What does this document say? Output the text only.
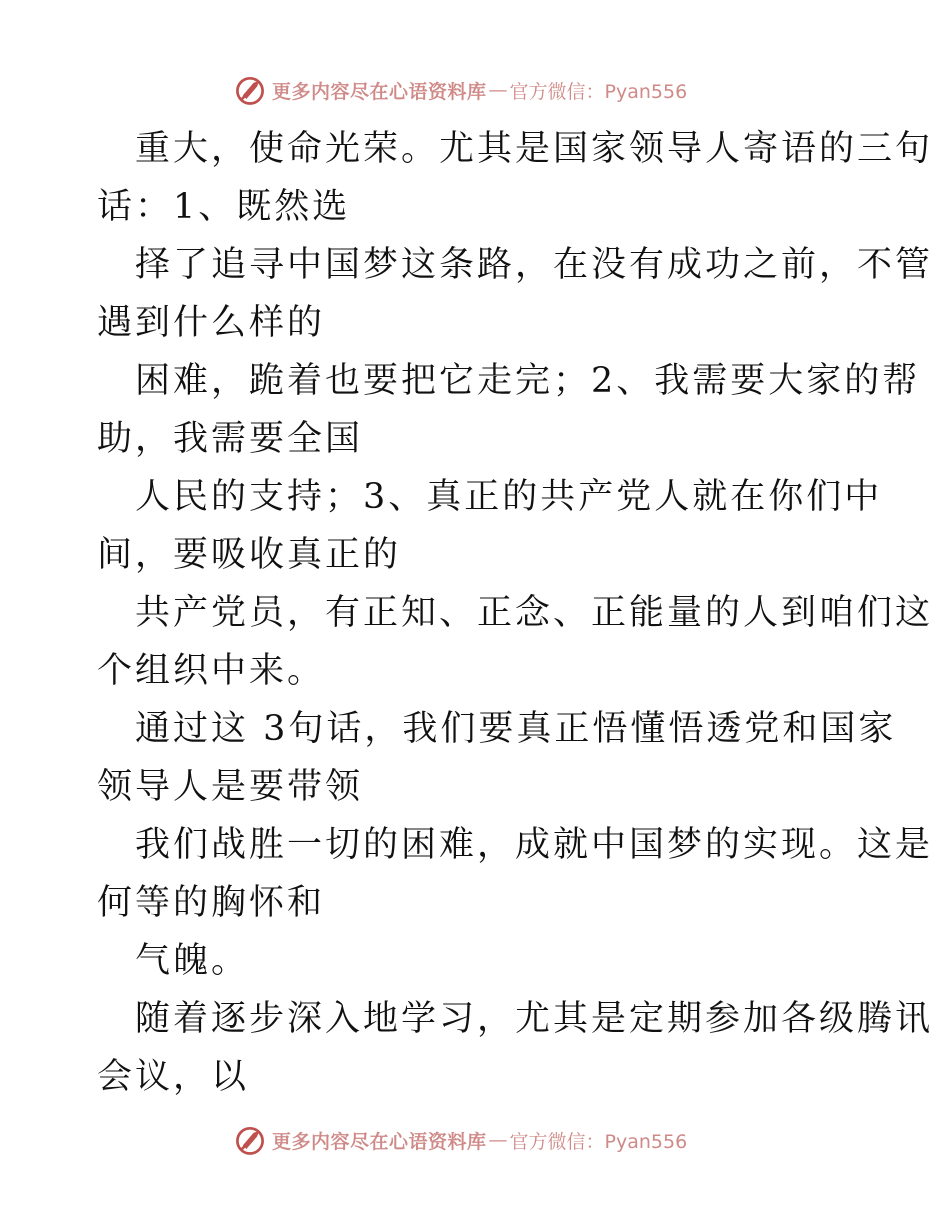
更多内容尽在心语资料库 — 官方微信：Pyan556
重大，使命光荣。尤其是国家领导人寄语的三句
话：1、既然选
择了追寻中国梦这条路，在没有成功之前，不管
遇到什么样的
困难，跪着也要把它走完；2、我需要大家的帮
助，我需要全国
人民的支持；3、真正的共产党人就在你们中
间，要吸收真正的
共产党员，有正知、正念、正能量的人到咱们这
个组织中来。
通过这 3句话，我们要真正悟懂悟透党和国家
领导人是要带领
我们战胜一切的困难，成就中国梦的实现。这是
何等的胸怀和
气魄。
随着逐步深入地学习，尤其是定期参加各级腾讯
会议，以
更多内容尽在心语资料库 — 官方微信：Pyan556
